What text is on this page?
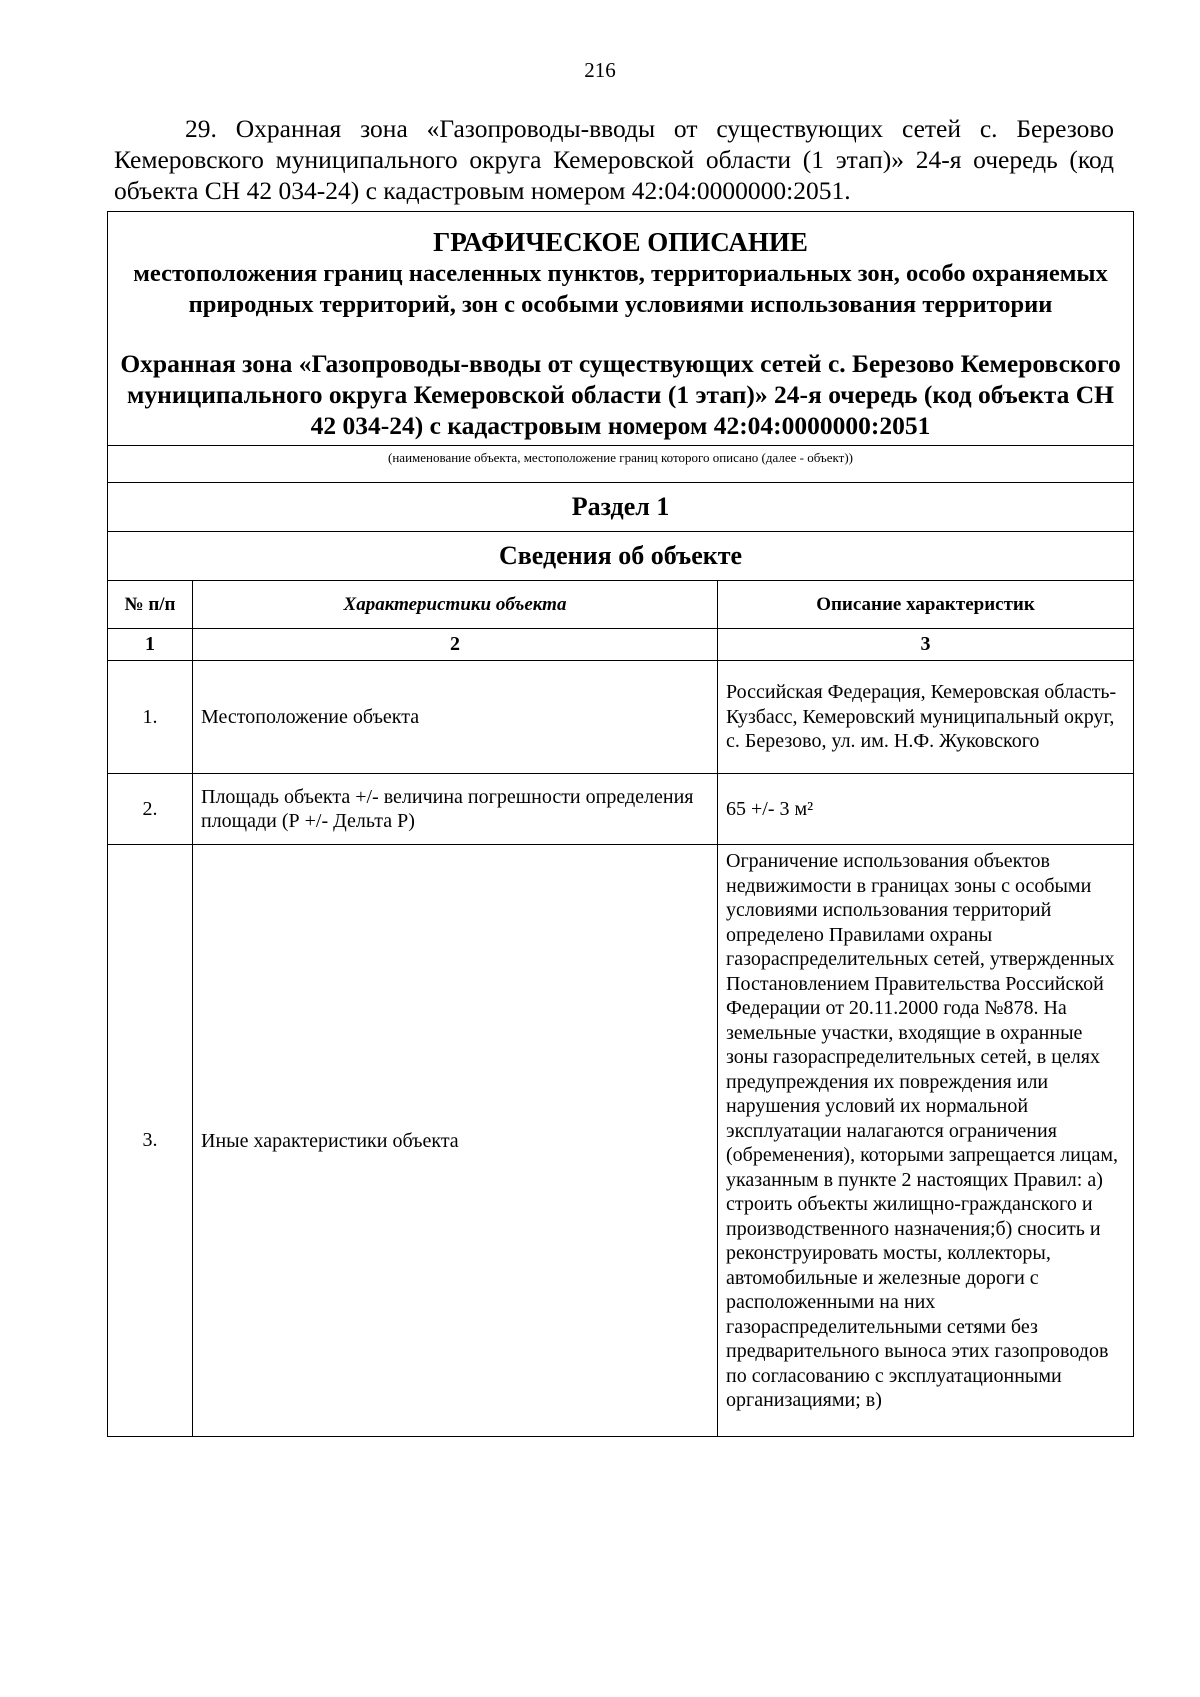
216
29. Охранная зона «Газопроводы-вводы от существующих сетей с. Березово Кемеровского муниципального округа Кемеровской области (1 этап)» 24-я очередь (код объекта СН 42 034-24) с кадастровым номером 42:04:0000000:2051.
ГРАФИЧЕСКОЕ ОПИСАНИЕ
местоположения границ населенных пунктов, территориальных зон, особо охраняемых природных территорий, зон с особыми условиями использования территории
Охранная зона «Газопроводы-вводы от существующих сетей с. Березово Кемеровского муниципального округа Кемеровской области (1 этап)» 24-я очередь (код объекта СН 42 034-24) с кадастровым номером 42:04:0000000:2051		

(наименование объекта, местоположение границ которого описано (далее - объект))		
Раздел 1		
Сведения об объекте		
№ п/п	Характеристики объекта	Описание характеристик
1	2	3
1.	Местоположение объекта	Российская Федерация, Кемеровская область-Кузбасс, Кемеровский муниципальный округ, с. Березово, ул. им. Н.Ф. Жуковского
2.	Площадь объекта +/- величина погрешности определения площади (Р +/- Дельта Р)	65 +/- 3 м²
3.	Иные характеристики объекта	Ограничение использования объектов недвижимости в границах зоны с особыми условиями использования территорий определено Правилами охраны газораспределительных сетей, утвержденных Постановлением Правительства Российской Федерации от 20.11.2000 года №878. На земельные участки, входящие в охранные зоны газораспределительных сетей, в целях предупреждения их повреждения или нарушения условий их нормальной эксплуатации налагаются ограничения (обременения), которыми запрещается лицам, указанным в пункте 2 настоящих Правил: а) строить объекты жилищно-гражданского и производственного назначения;б) сносить и реконструировать мосты, коллекторы, автомобильные и железные дороги с расположенными на них газораспределительными сетями без предварительного выноса этих газопроводов по согласованию с эксплуатационными организациями; в)
